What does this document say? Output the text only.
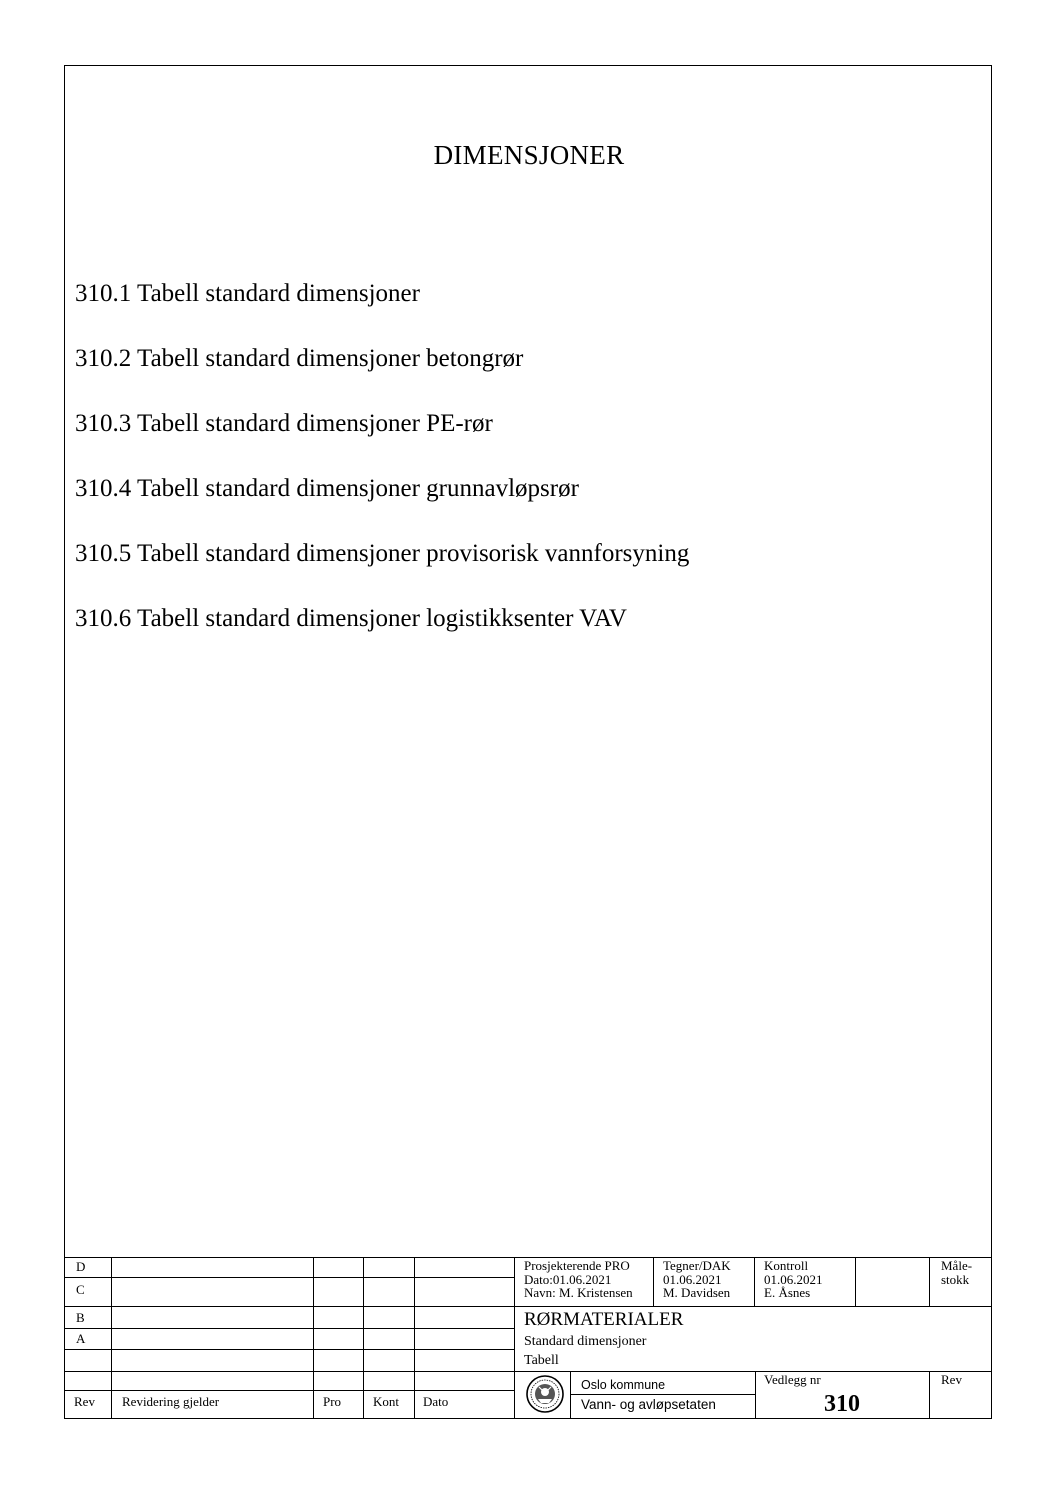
DIMENSJONER
310.1 Tabell standard dimensjoner
310.2 Tabell standard dimensjoner betongrør
310.3 Tabell standard dimensjoner PE-rør
310.4 Tabell standard dimensjoner grunnavløpsrør
310.5 Tabell standard dimensjoner provisorisk vannforsyning
310.6 Tabell standard dimensjoner logistikksenter VAV
D
C
B
A
Rev Revidering gjelder	Pro Kont Dato
Prosjekterende PRO
Dato:01.06.2021
Navn: M. Kristensen
Tegner/DAK
01.06.2021
M. Davidsen
Kontroll
01.06.2021
E. Åsnes
Måle-
stokk
RØRMATERIALER
Standard dimensjoner
Tabell
Oslo kommune
Vann- og avløpsetaten
Vedlegg nr
310
Rev
